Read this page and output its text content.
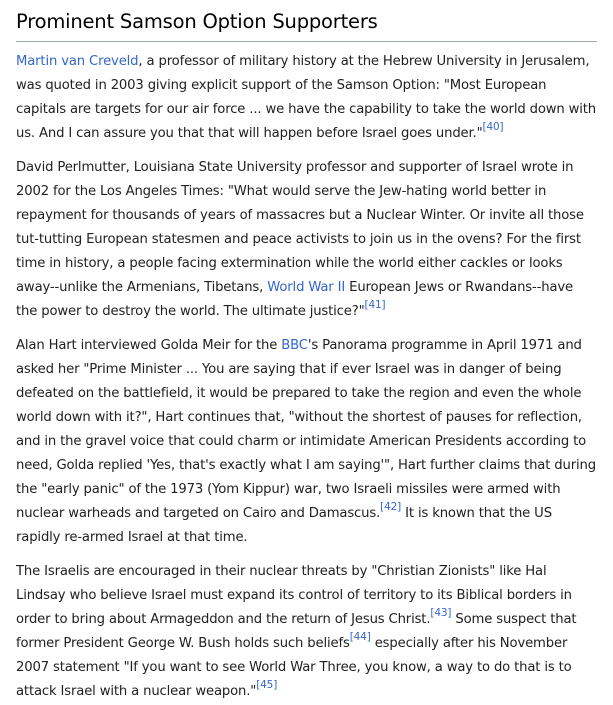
Prominent Samson Option Supporters

Martin van Creveld, a professor of military history at the Hebrew University in Jerusalem, was quoted in 2003 giving explicit support of the Samson Option: "Most European capitals are targets for our air force ... we have the capability to take the world down with us. And I can assure you that that will happen before Israel goes under."[40]

David Perlmutter, Louisiana State University professor and supporter of Israel wrote in 2002 for the Los Angeles Times: "What would serve the Jew-hating world better in repayment for thousands of years of massacres but a Nuclear Winter. Or invite all those tut-tutting European statesmen and peace activists to join us in the ovens? For the first time in history, a people facing extermination while the world either cackles or looks away--unlike the Armenians, Tibetans, World War II European Jews or Rwandans--have the power to destroy the world. The ultimate justice?"[41]

Alan Hart interviewed Golda Meir for the BBC's Panorama programme in April 1971 and asked her "Prime Minister ... You are saying that if ever Israel was in danger of being defeated on the battlefield, it would be prepared to take the region and even the whole world down with it?", Hart continues that, "without the shortest of pauses for reflection, and in the gravel voice that could charm or intimidate American Presidents according to need, Golda replied 'Yes, that's exactly what I am saying'", Hart further claims that during the "early panic" of the 1973 (Yom Kippur) war, two Israeli missiles were armed with nuclear warheads and targeted on Cairo and Damascus.[42] It is known that the US rapidly re-armed Israel at that time.

The Israelis are encouraged in their nuclear threats by "Christian Zionists" like Hal Lindsay who believe Israel must expand its control of territory to its Biblical borders in order to bring about Armageddon and the return of Jesus Christ.[43] Some suspect that former President George W. Bush holds such beliefs[44] especially after his November 2007 statement "If you want to see World War Three, you know, a way to do that is to attack Israel with a nuclear weapon."[45]
